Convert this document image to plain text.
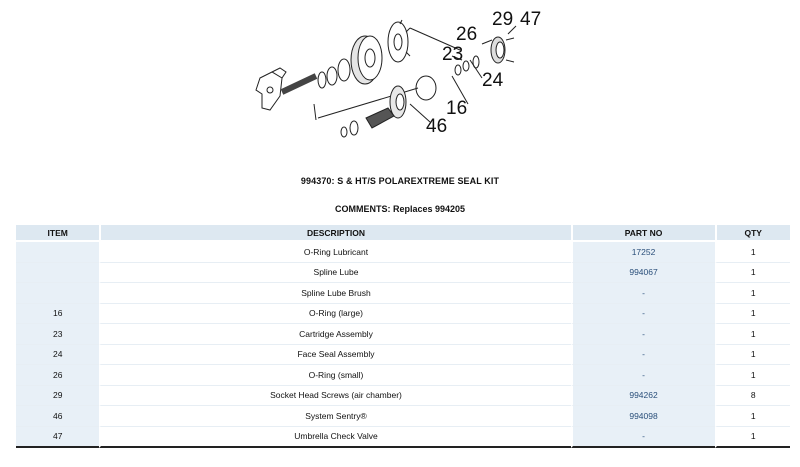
29 47
26
23
24
16
46
994370: S & HT/S POLAREXTREME SEAL KIT
COMMENTS: Replaces 994205
ITEM	DESCRIPTION	PART NO	QTY
	O-Ring Lubricant	17252	1
	Spline Lube	994067	1
	Spline Lube Brush	-	1
16	O-Ring (large)	-	1
23	Cartridge Assembly	-	1
24	Face Seal Assembly	-	1
26	O-Ring (small)	-	1
29	Socket Head Screws (air chamber)	994262	8
46	System Sentry®	994098	1
47	Umbrella Check Valve	-	1
